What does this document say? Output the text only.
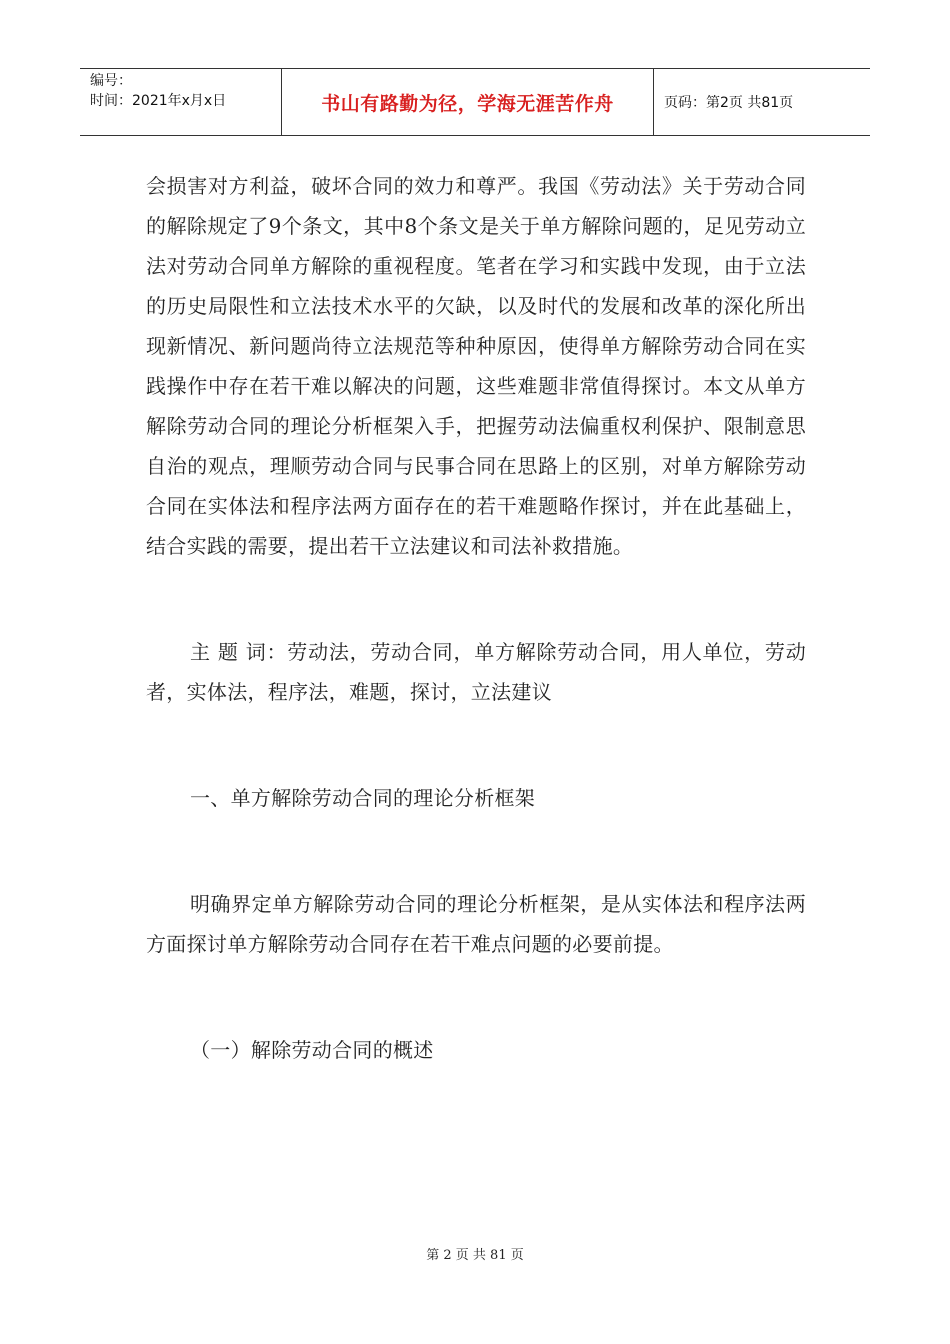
编号：
时间：2021年x月x日	书山有路勤为径，学海无涯苦作舟	页码：第2页 共81页

会损害对方利益，破坏合同的效力和尊严。我国《劳动法》关于劳动合同的解除规定了9个条文，其中8个条文是关于单方解除问题的，足见劳动立法对劳动合同单方解除的重视程度。笔者在学习和实践中发现，由于立法的历史局限性和立法技术水平的欠缺，以及时代的发展和改革的深化所出现新情况、新问题尚待立法规范等种种原因，使得单方解除劳动合同在实践操作中存在若干难以解决的问题，这些难题非常值得探讨。本文从单方解除劳动合同的理论分析框架入手，把握劳动法偏重权利保护、限制意思自治的观点，理顺劳动合同与民事合同在思路上的区别，对单方解除劳动合同在实体法和程序法两方面存在的若干难题略作探讨，并在此基础上，结合实践的需要，提出若干立法建议和司法补救措施。

主 题 词：劳动法，劳动合同，单方解除劳动合同，用人单位，劳动者，实体法，程序法，难题，探讨，立法建议

一、单方解除劳动合同的理论分析框架

明确界定单方解除劳动合同的理论分析框架，是从实体法和程序法两方面探讨单方解除劳动合同存在若干难点问题的必要前提。

（一）解除劳动合同的概述

第 2 页 共 81 页
